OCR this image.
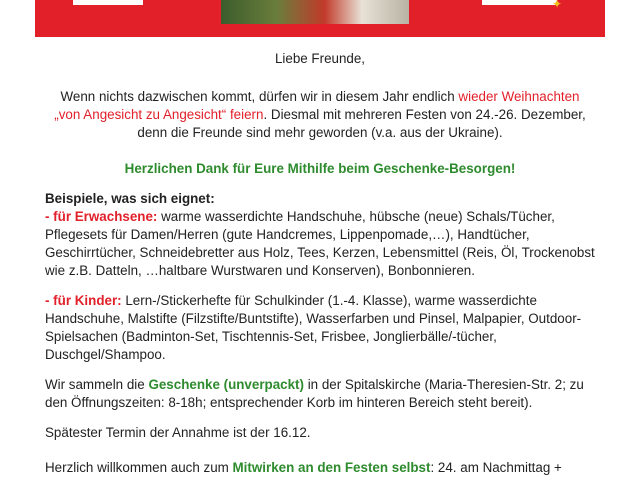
✦
Liebe Freunde,
Wenn nichts dazwischen kommt, dürfen wir in diesem Jahr endlich wieder Weihnachten
„von Angesicht zu Angesicht“ feiern. Diesmal mit mehreren Festen von 24.-26. Dezember,
denn die Freunde sind mehr geworden (v.a. aus der Ukraine).
Herzlichen Dank für Eure Mithilfe beim Geschenke-Besorgen!
Beispiele, was sich eignet:
- für Erwachsene: warme wasserdichte Handschuhe, hübsche (neue) Schals/Tücher,
Pflegesets für Damen/Herren (gute Handcremes, Lippenpomade,…), Handtücher,
Geschirrtücher, Schneidebretter aus Holz, Tees, Kerzen, Lebensmittel (Reis, Öl, Trockenobst
wie z.B. Datteln, …haltbare Wurstwaren und Konserven), Bonbonnieren.
- für Kinder: Lern-/Stickerhefte für Schulkinder (1.-4. Klasse), warme wasserdichte
Handschuhe, Malstifte (Filzstifte/Buntstifte), Wasserfarben und Pinsel, Malpapier, Outdoor-
Spielsachen (Badminton-Set, Tischtennis-Set, Frisbee, Jonglierbälle/-tücher,
Duschgel/Shampoo.
Wir sammeln die Geschenke (unverpackt) in der Spitalskirche (Maria-Theresien-Str. 2; zu
den Öffnungszeiten: 8-18h; entsprechender Korb im hinteren Bereich steht bereit).
Spätester Termin der Annahme ist der 16.12.
Herzlich willkommen auch zum Mitwirken an den Festen selbst: 24. am Nachmittag +
